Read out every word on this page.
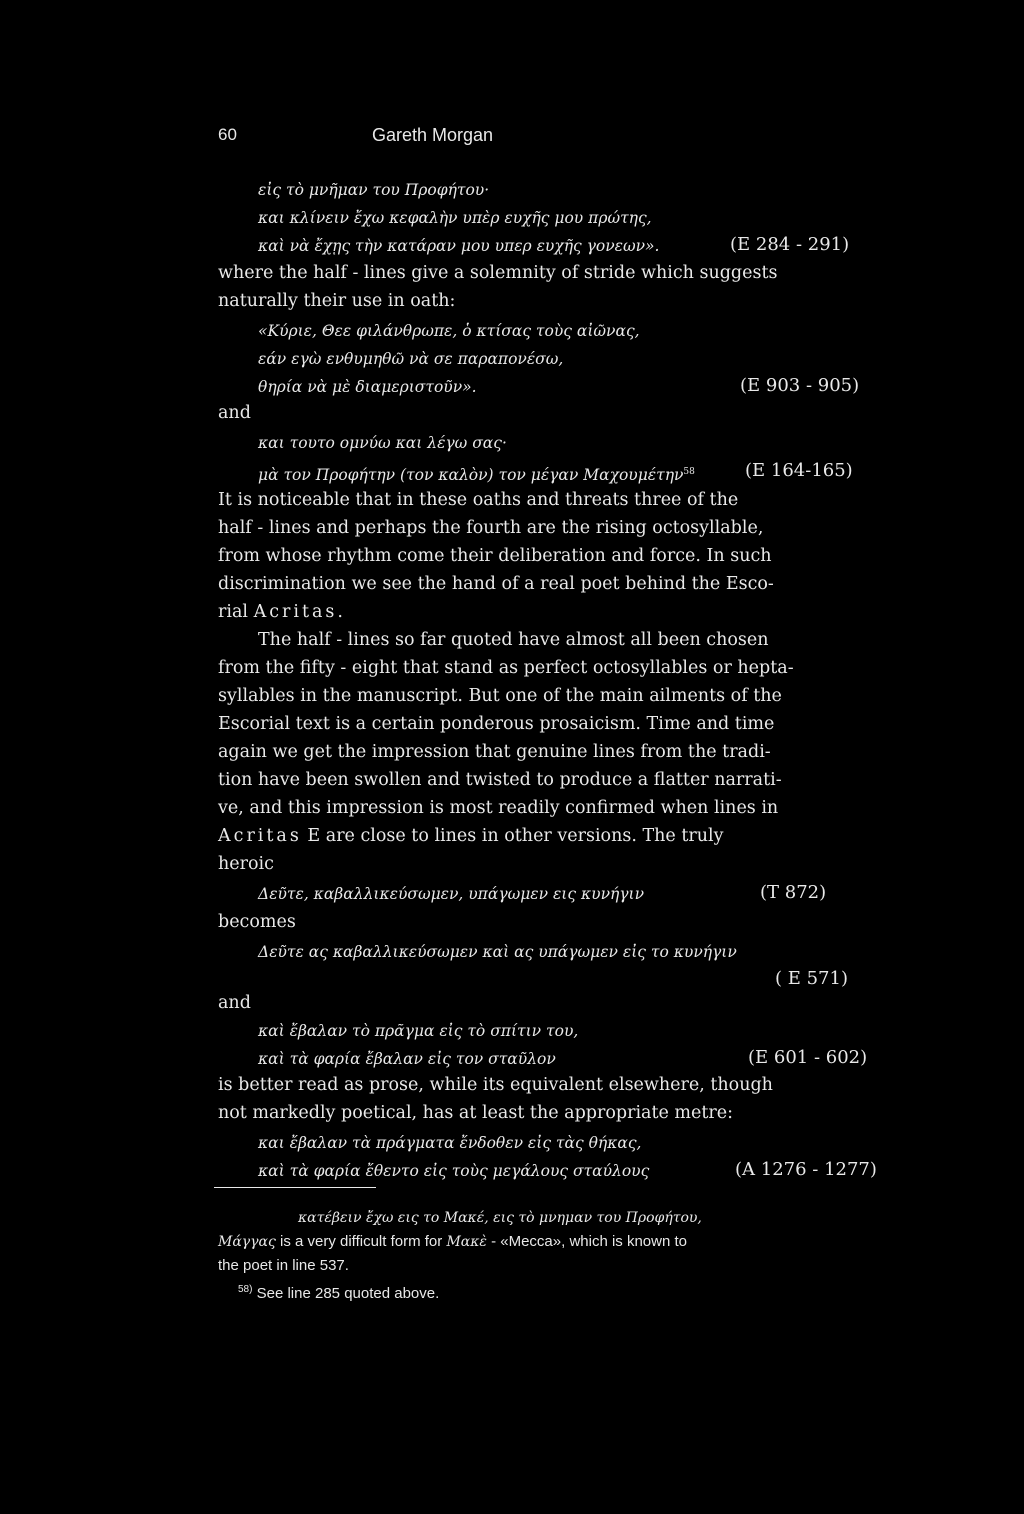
60	Gareth Morgan
εἰς τὸ μνῆμαν του Προφήτου·
και κλίνειν ἔχω κεφαλὴν υπὲρ ευχῆς μου πρώτης,
καὶ νὰ ἔχῃς τὴν κατάραν μου υπερ ευχῆς γονεων».	(E 284 - 291)
where the half - lines give a solemnity of stride which suggests
naturally their use in oath:
«Κύριε, Θεε φιλάνθρωπε, ὁ κτίσας τοὺς αἰῶνας,
εάν εγὼ ενθυμηθῶ νὰ σε παραπονέσω,
θηρία νὰ μὲ διαμεριστοῦν».	(E 903 - 905)
and
και τουτο ομνύω και λέγω σας·
μὰ τον Προφήτην (τον καλὸν) τον μέγαν Μαχουμέτην$^{58}$	(E 164-165)
It is noticeable that in these oaths and threats three of the
half - lines and perhaps the fourth are the rising octosyllable,
from whose rhythm come their deliberation and force. In such
discrimination we see the hand of a real poet behind the Esco-
rial Acritas.
The half - lines so far quoted have almost all been chosen
from the fifty - eight that stand as perfect octosyllables or hepta-
syllables in the manuscript. But one of the main ailments of the
Escorial text is a certain ponderous prosaicism. Time and time
again we get the impression that genuine lines from the tradi-
tion have been swollen and twisted to produce a flatter narrati-
ve, and this impression is most readily confirmed when lines in
Acritas E are close to lines in other versions. The truly
heroic
Δεῦτε, καβαλλικεύσωμεν, υπάγωμεν εις κυνήγιν	(T 872)
becomes
Δεῦτε ας καβαλλικεύσωμεν καὶ ας υπάγωμεν εἰς το κυνήγιν
( E 571)
and
καὶ ἔβαλαν τὸ πρᾶγμα εἰς τὸ σπίτιν του,
καὶ τὰ φαρία ἔβαλαν εἰς τον σταῦλον	(E 601 - 602)
is better read as prose, while its equivalent elsewhere, though
not markedly poetical, has at least the appropriate metre:
και ἔβαλαν τὰ πράγματα ἔνδοθεν εἰς τὰς θήκας,
καὶ τὰ φαρία ἔθεντο εἰς τοὺς μεγάλους σταύλους	(A 1276 - 1277)
κατέβειν ἔχω εις το Μακέ, εις τὸ μνημαν του Προφήτου,
Μάγγας is a very difficult form for Μακὲ - «Mecca», which is known to
the poet in line 537.
$^{58)}$ See line 285 quoted above.
